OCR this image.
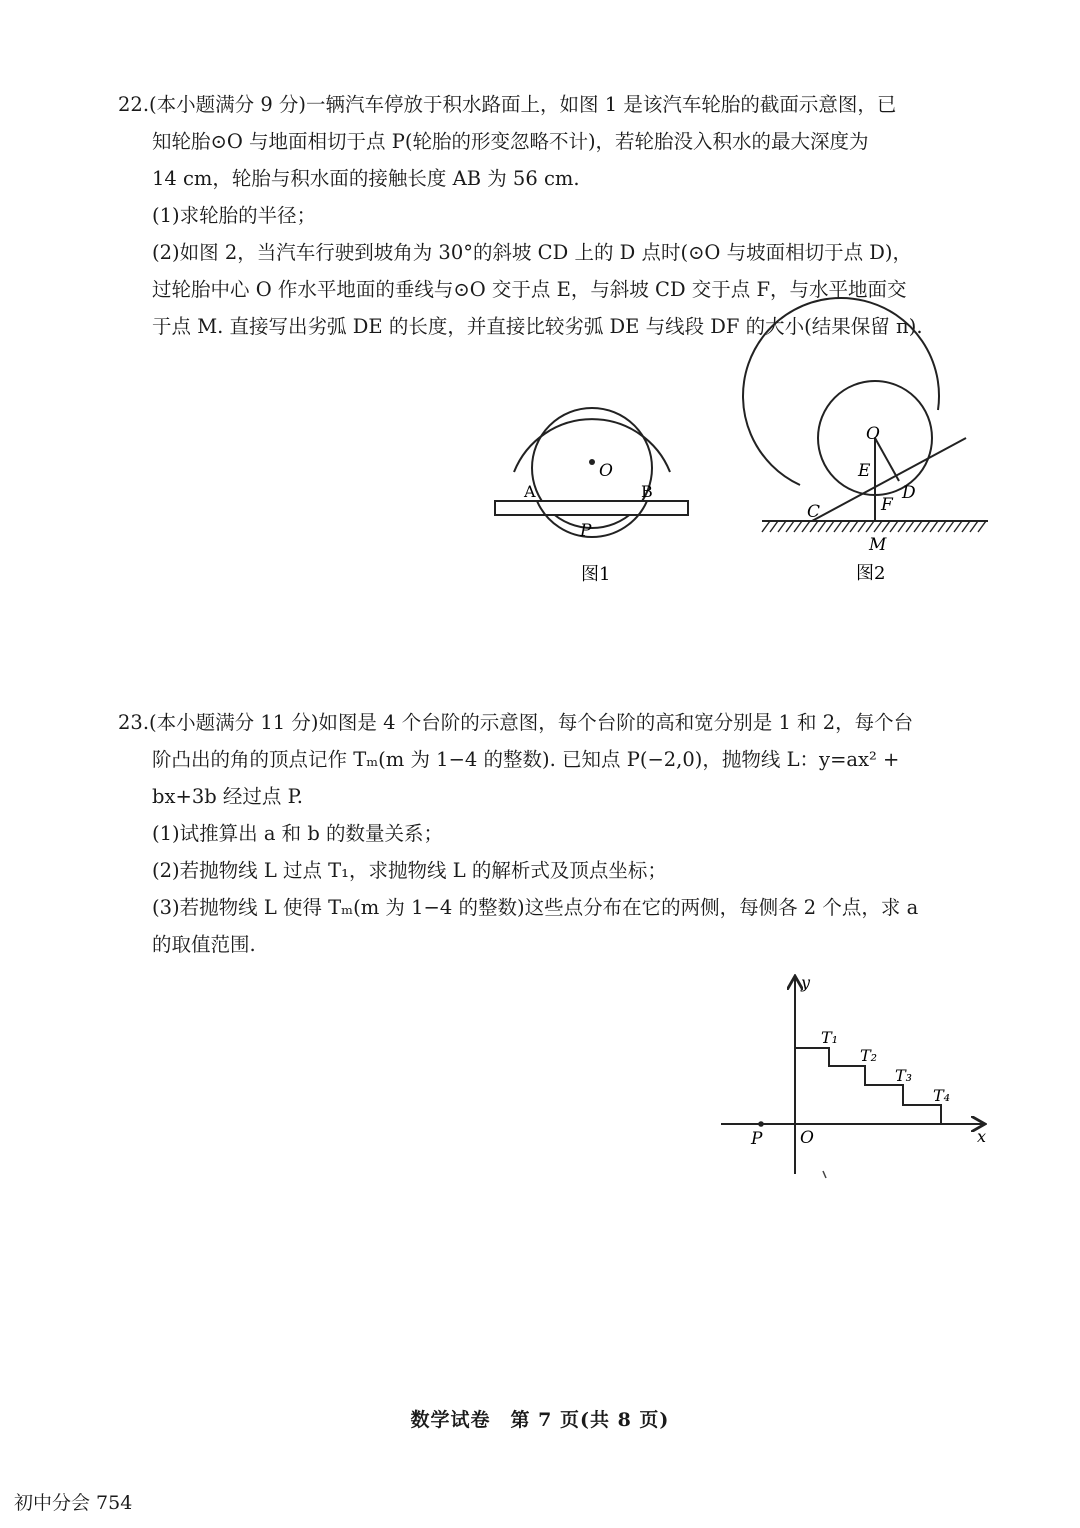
22.(本小题满分 9 分)一辆汽车停放于积水路面上，如图 1 是该汽车轮胎的截面示意图，已

知轮胎⊙O 与地面相切于点 P(轮胎的形变忽略不计)，若轮胎没入积水的最大深度为

14 cm，轮胎与积水面的接触长度 AB 为 56 cm.

(1)求轮胎的半径；

(2)如图 2，当汽车行驶到坡角为 30°的斜坡 CD 上的 D 点时(⊙O 与坡面相切于点 D)，

过轮胎中心 O 作水平地面的垂线与⊙O 交于点 E，与斜坡 CD 交于点 F，与水平地面交

于点 M. 直接写出劣弧 DE 的长度，并直接比较劣弧 DE 与线段 DF 的大小(结果保留 π).

O
A	B
P
图1
O
E
F
D
C
M
图2

23.(本小题满分 11 分)如图是 4 个台阶的示意图，每个台阶的高和宽分别是 1 和 2，每个台

阶凸出的角的顶点记作 Tₘ(m 为 1−4 的整数). 已知点 P(−2,0)，抛物线 L：y=ax² +

bx+3b 经过点 P.

(1)试推算出 a 和 b 的数量关系；

(2)若抛物线 L 过点 T₁，求抛物线 L 的解析式及顶点坐标；

(3)若抛物线 L 使得 Tₘ(m 为 1−4 的整数)这些点分布在它的两侧，每侧各 2 个点，求 a

的取值范围.

y
x
O
P
T₁
T₂
T₃
T₄
数学试卷　第 7 页(共 8 页)
初中分会 754
